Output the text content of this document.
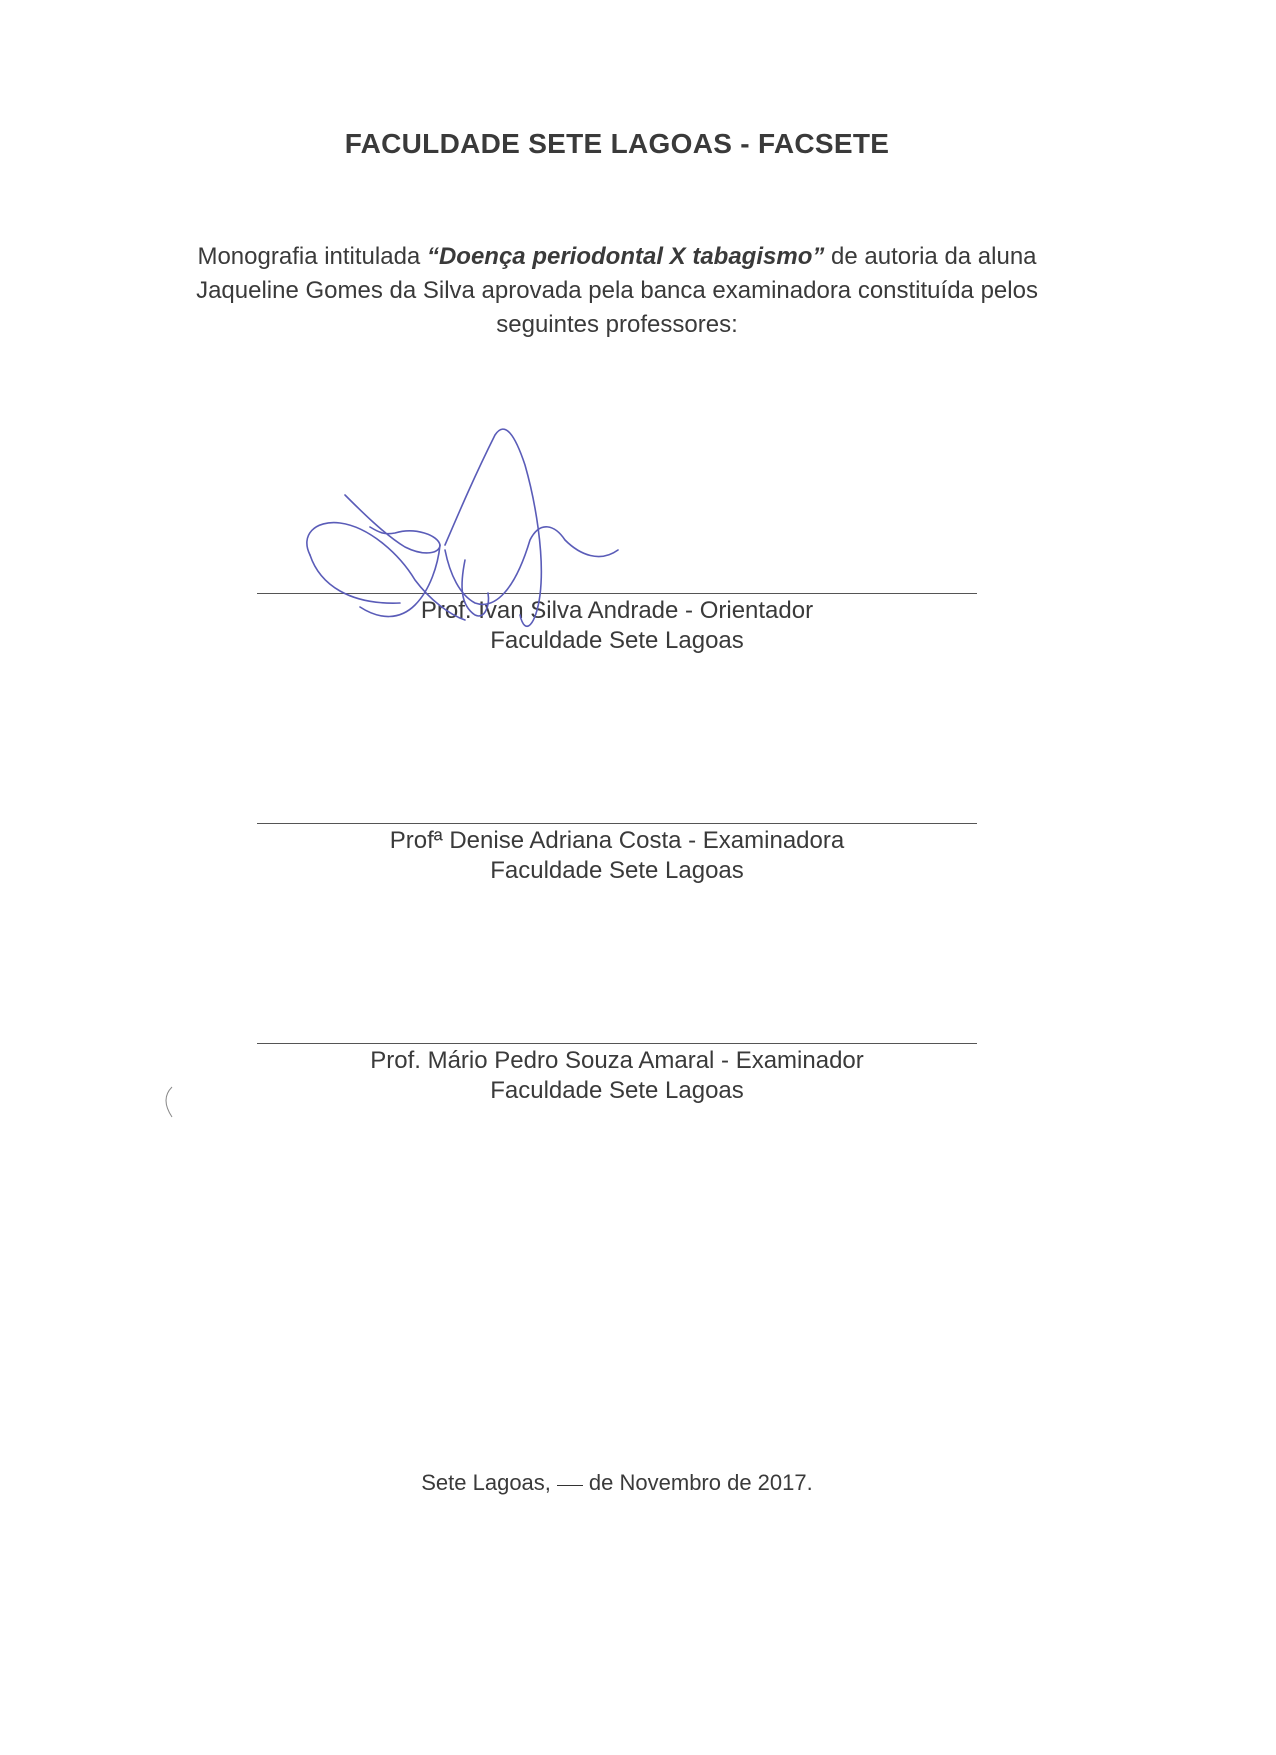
FACULDADE SETE LAGOAS - FACSETE
Monografia intitulada “Doença periodontal X tabagismo” de autoria da aluna Jaqueline Gomes da Silva aprovada pela banca examinadora constituída pelos seguintes professores:
Prof. Ivan Silva Andrade - Orientador
Faculdade Sete Lagoas
Profª Denise Adriana Costa - Examinadora
Faculdade Sete Lagoas
Prof. Mário Pedro Souza Amaral - Examinador
Faculdade Sete Lagoas
Sete Lagoas, de Novembro de 2017.
